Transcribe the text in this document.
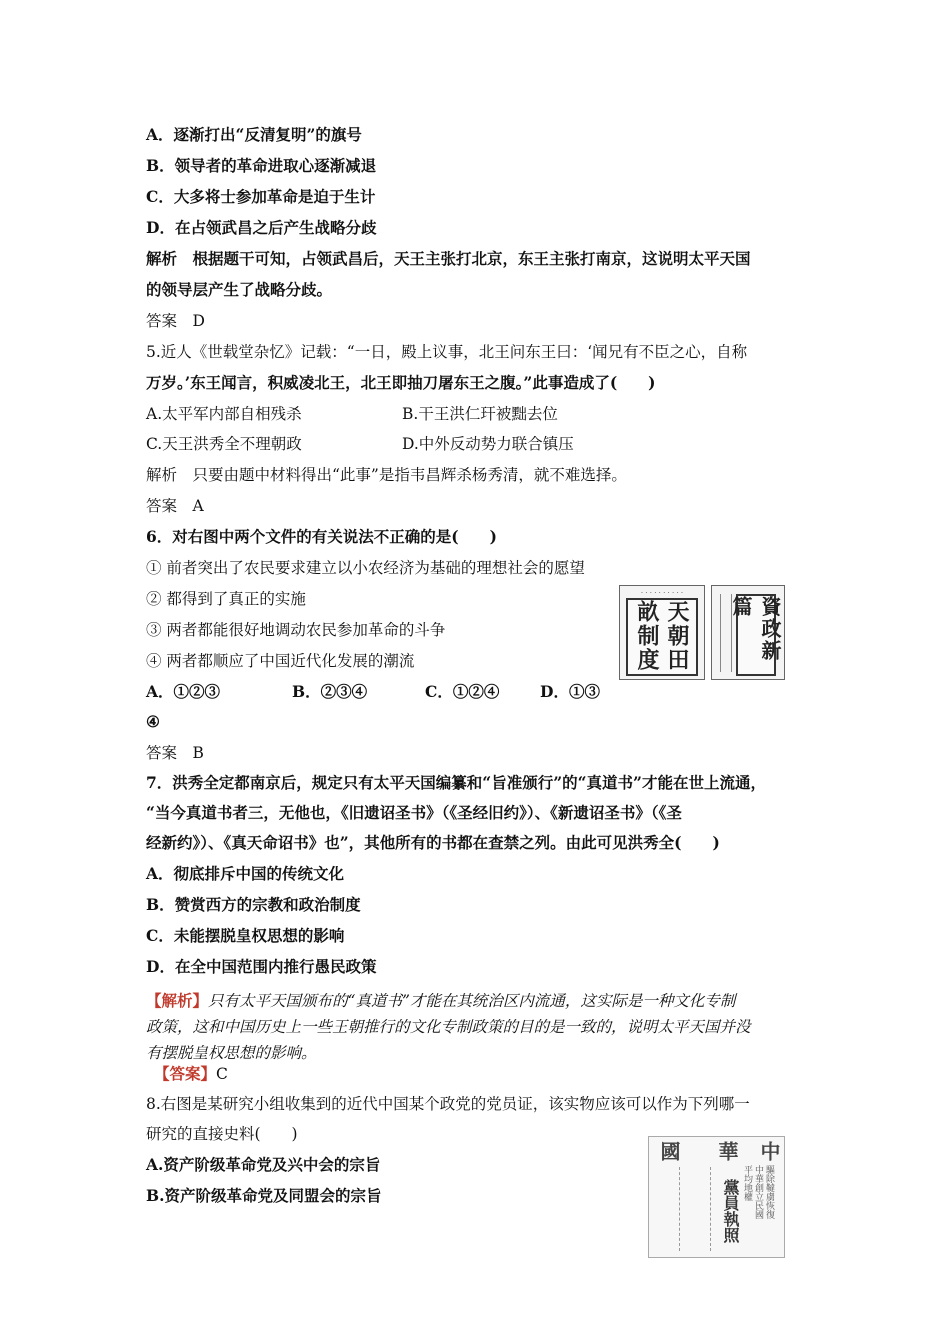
A．逐渐打出“反清复明”的旗号
B．领导者的革命进取心逐渐减退
C．大多将士参加革命是迫于生计
D．在占领武昌之后产生战略分歧
解析　根据题干可知，占领武昌后，天王主张打北京，东王主张打南京，这说明太平天国
的领导层产生了战略分歧。
答案　D
5.近人《世载堂杂忆》记载：“一日，殿上议事，北王问东王曰：‘闻兄有不臣之心，自称
万岁。’东王闻言，积威凌北王，北王即抽刀屠东王之腹。”此事造成了(　　)
A.太平军内部自相残杀	B.干王洪仁玕被黜去位
C.天王洪秀全不理朝政	D.中外反动势力联合镇压
解析　只要由题中材料得出“此事”是指韦昌辉杀杨秀清，就不难选择。
答案　A
6．对右图中两个文件的有关说法不正确的是(　　)
① 前者突出了农民要求建立以小农经济为基础的理想社会的愿望
② 都得到了真正的实施
③ 两者都能很好地调动农民参加革命的斗争
④ 两者都顺应了中国近代化发展的潮流
A．①②③	B．②③④	C．①②④	D．①③
④
答案　B
· · · · · · · · · ·
天朝田畝制度	資政新篇
7．洪秀全定都南京后，规定只有太平天国编纂和“旨准颁行”的“真道书”才能在世上流通，
“当今真道书者三，无他也，《旧遗诏圣书》（《圣经旧约》）、《新遗诏圣书》（《圣
经新约》）、《真天命诏书》也”，其他所有的书都在查禁之列。由此可见洪秀全(　　)
A．彻底排斥中国的传统文化
B．赞赏西方的宗教和政治制度
C．未能摆脱皇权思想的影响
D．在全中国范围内推行愚民政策
【解析】只有太平天国颁布的“真道书”才能在其统治区内流通，这实际是一种文化专制
政策，这和中国历史上一些王朝推行的文化专制政策的目的是一致的，说明太平天国并没
有摆脱皇权思想的影响。
【答案】C
8.右图是某研究小组收集到的近代中国某个政党的党员证，该实物应该可以作为下列哪一
研究的直接史料(　　)
A.资产阶级革命党及兴中会的宗旨
B.资产阶级革命党及同盟会的宗旨
中
華
國
驅除韃虜恢復中華創立民國平均地權
黨員執照
